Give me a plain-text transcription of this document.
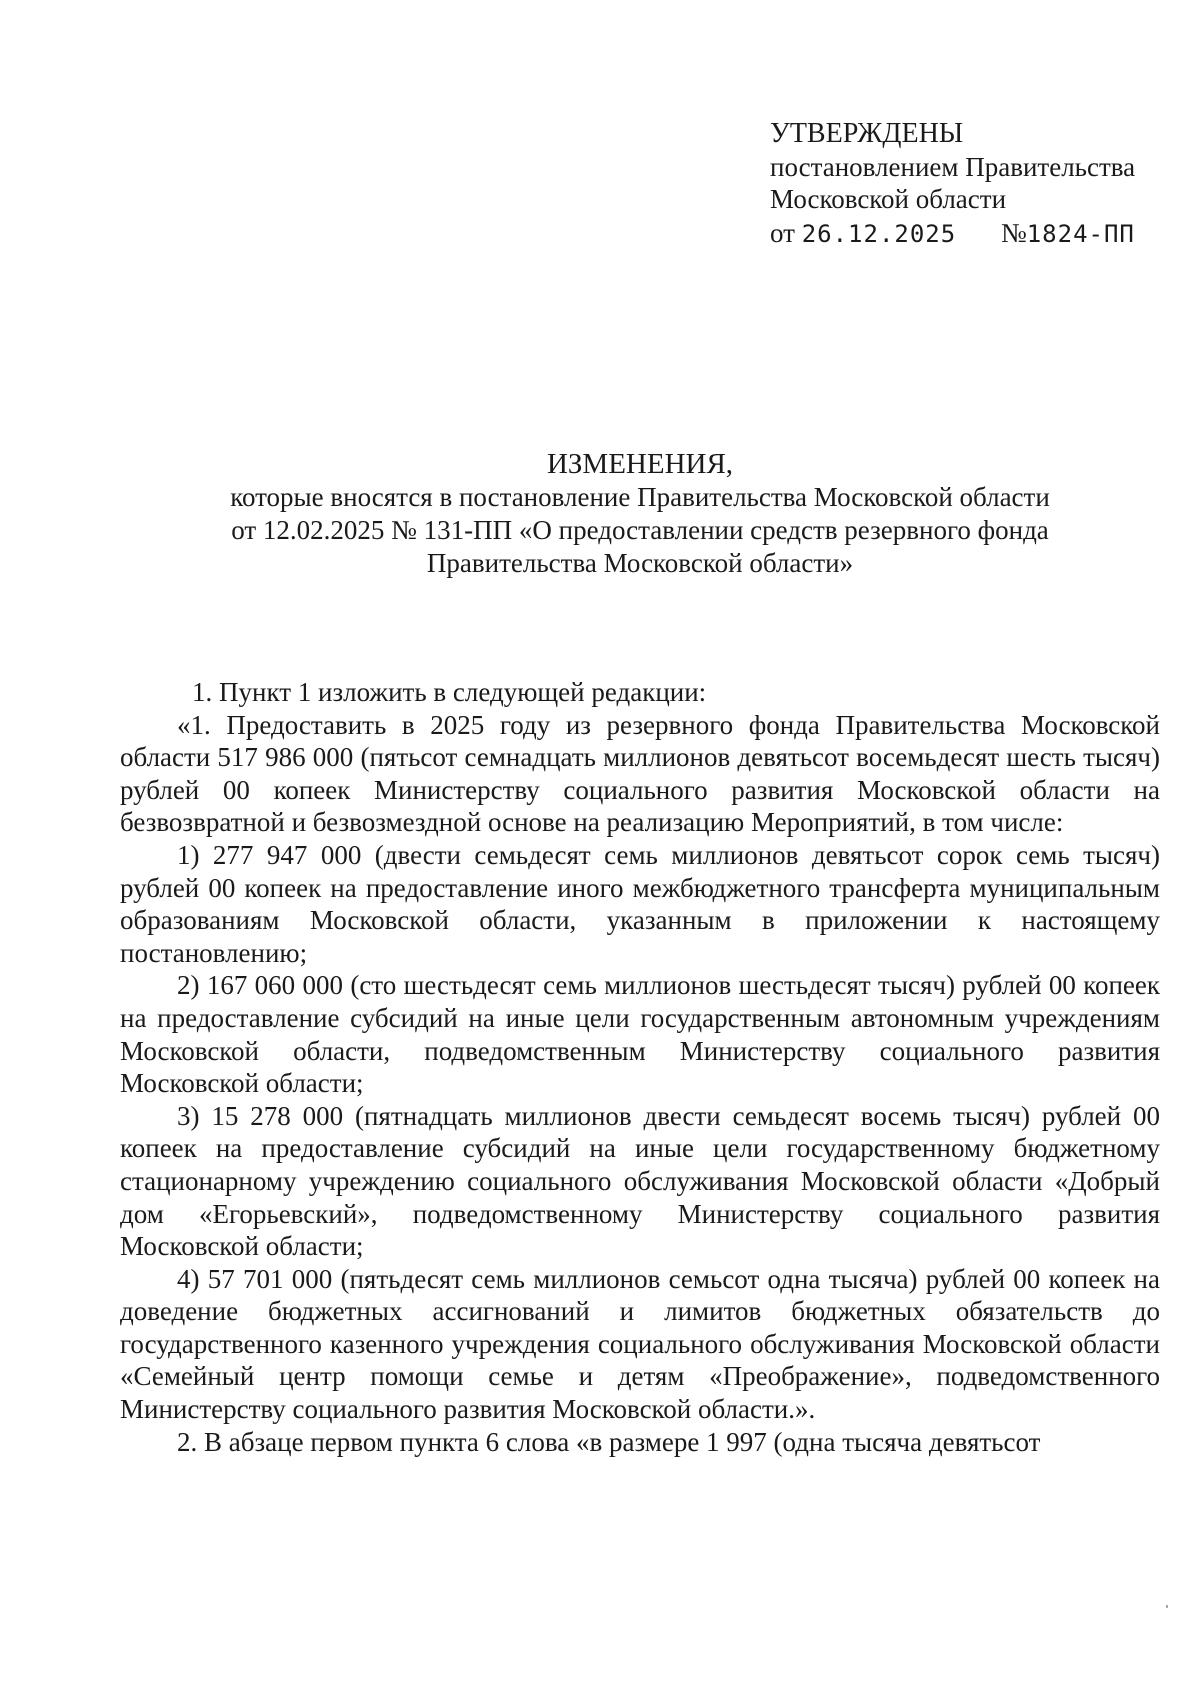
УТВЕРЖДЕНЫ
постановлением Правительства
Московской области
от 26.12.2025 №1824-ПП
ИЗМЕНЕНИЯ,
которые вносятся в постановление Правительства Московской области
от 12.02.2025 № 131-ПП «О предоставлении средств резервного фонда
Правительства Московской области»

1. Пункт 1 изложить в следующей редакции:

«1. Предоставить в 2025 году из резервного фонда Правительства Московской области 517 986 000 (пятьсот семнадцать миллионов девятьсот восемьдесят шесть тысяч) рублей 00 копеек Министерству социального развития Московской области на безвозвратной и безвозмездной основе на реализацию Мероприятий, в том числе:

1) 277 947 000 (двести семьдесят семь миллионов девятьсот сорок семь тысяч) рублей 00 копеек на предоставление иного межбюджетного трансферта муниципальным образованиям Московской области, указанным в приложении к настоящему постановлению;

2) 167 060 000 (сто шестьдесят семь миллионов шестьдесят тысяч) рублей 00 копеек на предоставление субсидий на иные цели государственным автономным учреждениям Московской области, подведомственным Министерству социального развития Московской области;

3) 15 278 000 (пятнадцать миллионов двести семьдесят восемь тысяч) рублей 00 копеек на предоставление субсидий на иные цели государственному бюджетному стационарному учреждению социального обслуживания Московской области «Добрый дом «Егорьевский», подведомственному Министерству социального развития Московской области;

4) 57 701 000 (пятьдесят семь миллионов семьсот одна тысяча) рублей 00 копеек на доведение бюджетных ассигнований и лимитов бюджетных обязательств до государственного казенного учреждения социального обслуживания Московской области «Семейный центр помощи семье и детям «Преображение», подведомственного Министерству социального развития Московской области.».

2. В абзаце первом пункта 6 слова «в размере 1 997 (одна тысяча девятьсот
